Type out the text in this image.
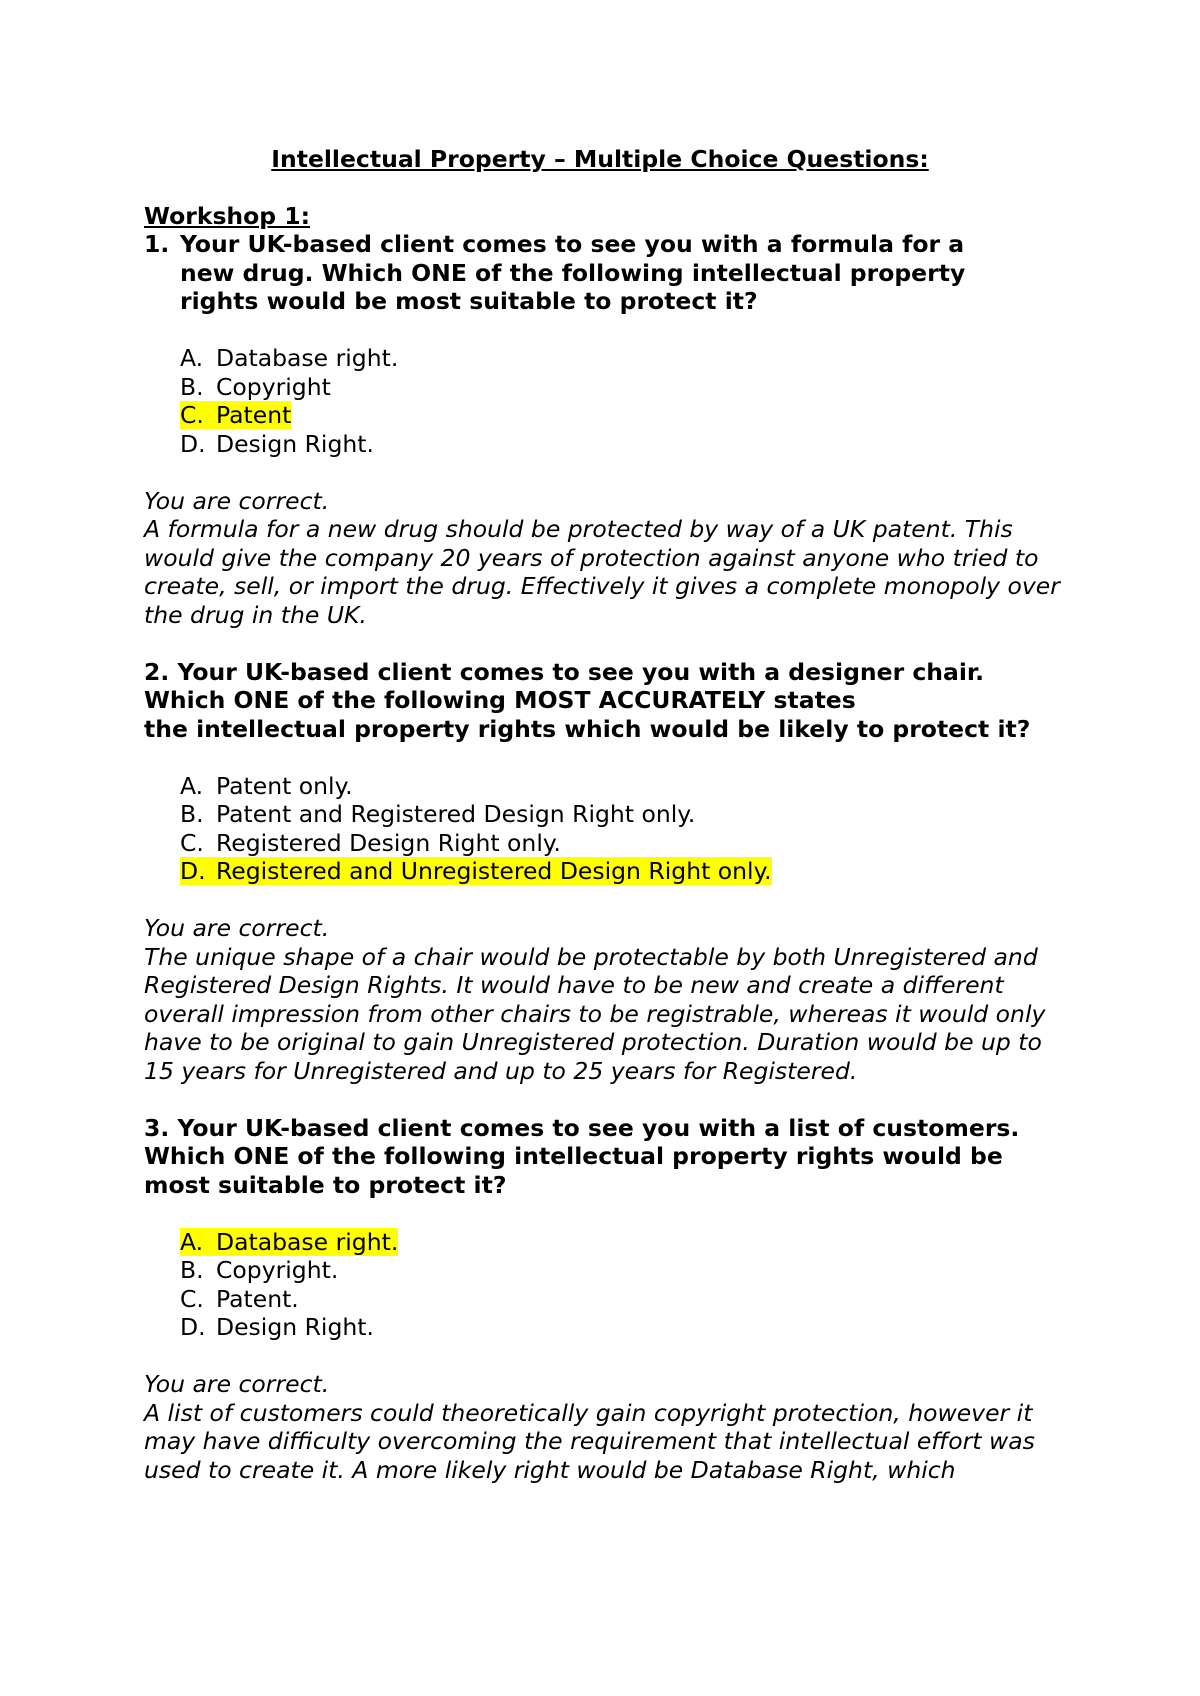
Intellectual Property – Multiple Choice Questions:
Workshop 1:
1. Your UK-based client comes to see you with a formula for a new drug. Which ONE of the following intellectual property rights would be most suitable to protect it?
A. Database right.
B. Copyright
C. Patent
D. Design Right.
You are correct.
A formula for a new drug should be protected by way of a UK patent. This would give the company 20 years of protection against anyone who tried to create, sell, or import the drug. Effectively it gives a complete monopoly over the drug in the UK.
2. Your UK-based client comes to see you with a designer chair.
Which ONE of the following MOST ACCURATELY states
the intellectual property rights which would be likely to protect it?
A. Patent only.
B. Patent and Registered Design Right only.
C. Registered Design Right only.
D. Registered and Unregistered Design Right only.
You are correct.
The unique shape of a chair would be protectable by both Unregistered and Registered Design Rights. It would have to be new and create a different overall impression from other chairs to be registrable, whereas it would only have to be original to gain Unregistered protection. Duration would be up to 15 years for Unregistered and up to 25 years for Registered.
3. Your UK-based client comes to see you with a list of customers. Which ONE of the following intellectual property rights would be most suitable to protect it?
A. Database right.
B. Copyright.
C. Patent.
D. Design Right.
You are correct.
A list of customers could theoretically gain copyright protection, however it may have difficulty overcoming the requirement that intellectual effort was used to create it. A more likely right would be Database Right, which
